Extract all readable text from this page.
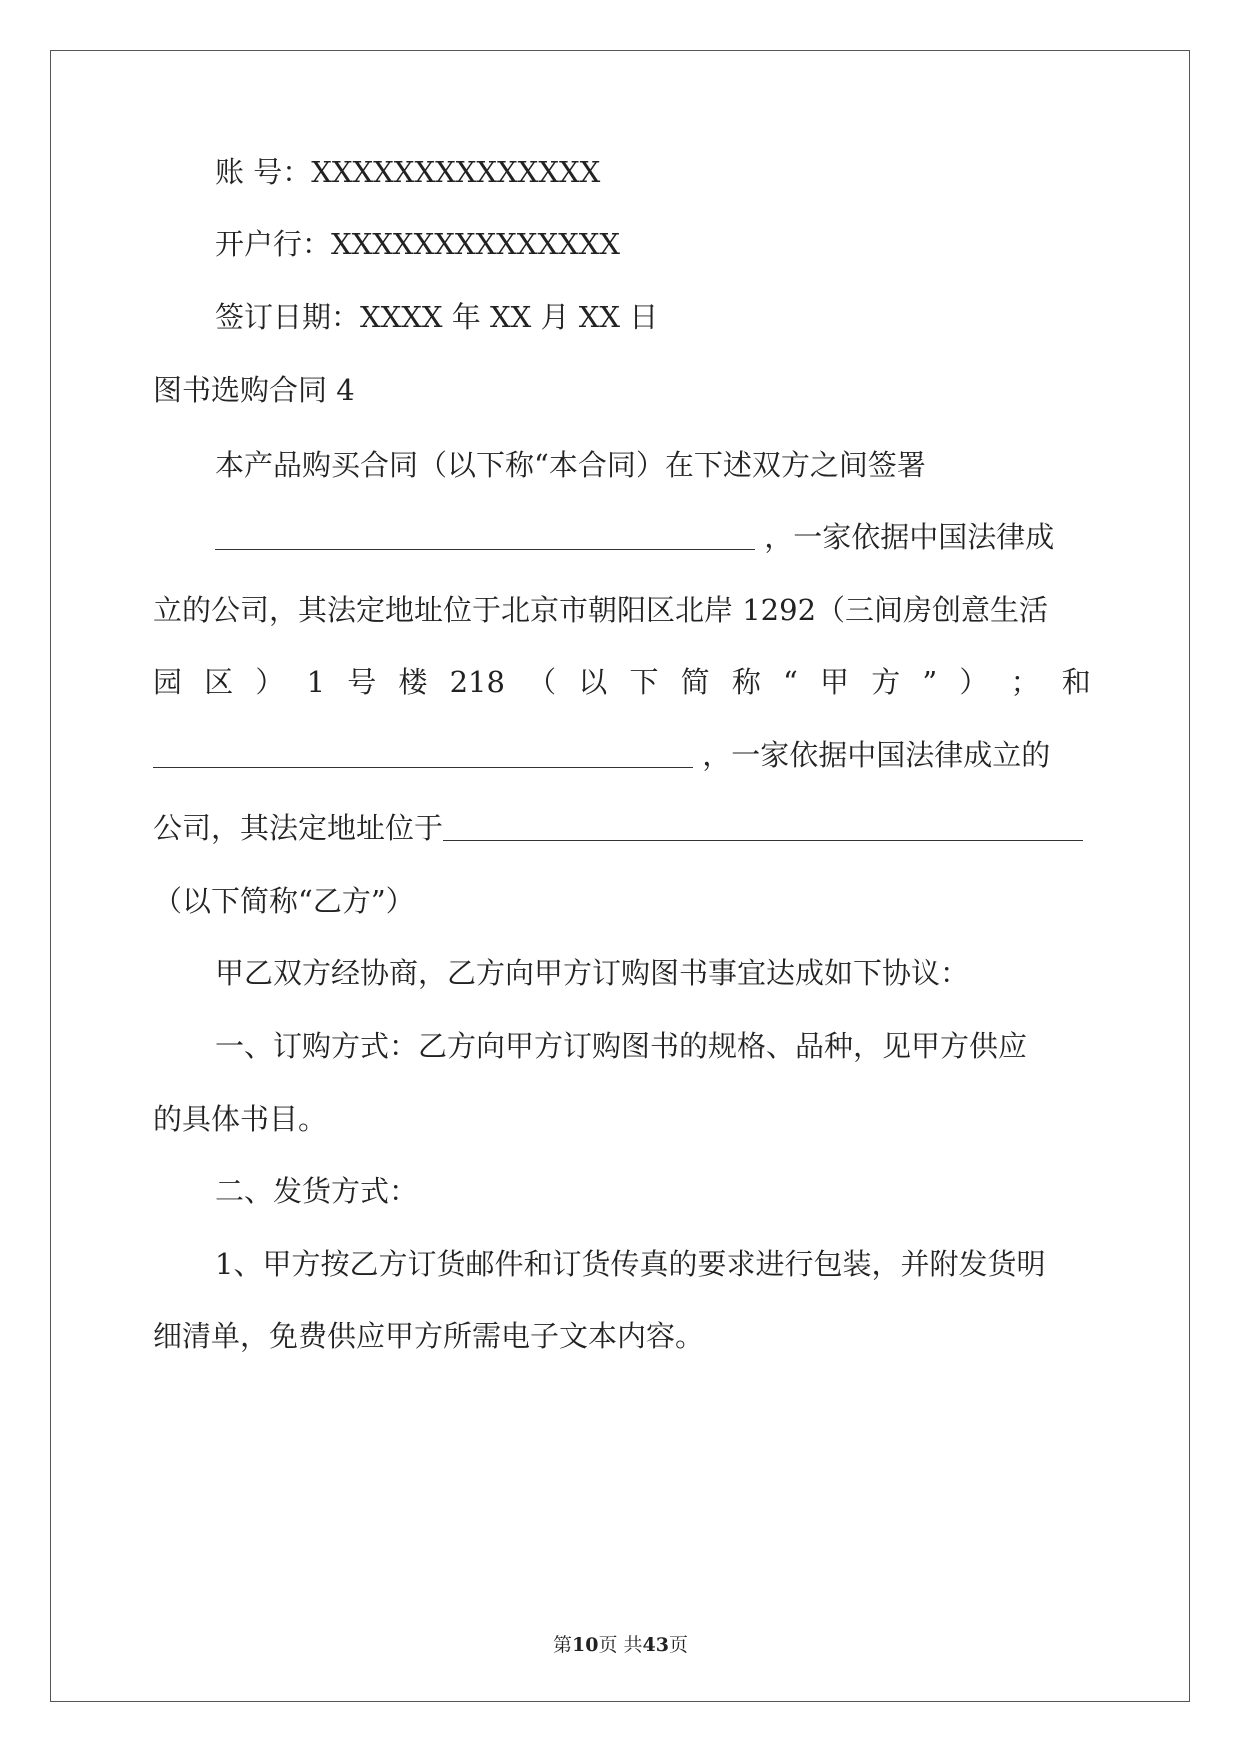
账 号：XXXXXXXXXXXXXX
开户行：XXXXXXXXXXXXXX
签订日期：XXXX 年 XX 月 XX 日
图书选购合同 4
本产品购买合同（以下称“本合同）在下述双方之间签署
，一家依据中国法律成
立的公司，其法定地址位于北京市朝阳区北岸 1292（三间房创意生活
园 区 ） 1 号 楼 218 （ 以 下 简 称 “ 甲 方 ” ） ； 和
，一家依据中国法律成立的
公司，其法定地址位于
（以下简称“乙方”）
甲乙双方经协商，乙方向甲方订购图书事宜达成如下协议：
一、订购方式：乙方向甲方订购图书的规格、品种，见甲方供应
的具体书目。
二、发货方式：
1、甲方按乙方订货邮件和订货传真的要求进行包装，并附发货明
细清单，免费供应甲方所需电子文本内容。
第10页 共43页
